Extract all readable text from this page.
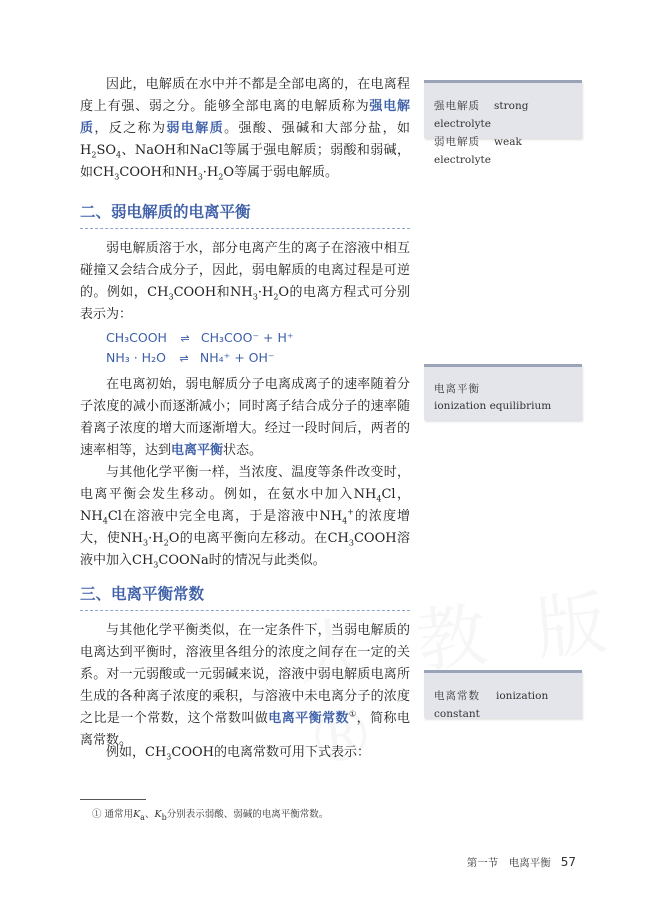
因此，电解质在水中并不都是全部电离的，在电离程度上有强、弱之分。能够全部电离的电解质称为强电解质，反之称为弱电解质。强酸、强碱和大部分盐，如$H_2SO_4$、NaOH和NaCl等属于强电解质；弱酸和弱碱，如$CH_3COOH$和$NH_3\cdot H_2O$等属于弱电解质。
强电解质 strong electrolyte
弱电解质 weak electrolyte
二、弱电解质的电离平衡
弱电解质溶于水，部分电离产生的离子在溶液中相互碰撞又会结合成分子，因此，弱电解质的电离过程是可逆的。例如，$CH_3COOH$和$NH_3\cdot H_2O$的电离方程式可分别表示为：
CH₃COOH ⇌ CH₃COO⁻ + H⁺
NH₃ · H₂O ⇌ NH₄⁺ + OH⁻
在电离初始，弱电解质分子电离成离子的速率随着分子浓度的减小而逐渐减小；同时离子结合成分子的速率随着离子浓度的增大而逐渐增大。经过一段时间后，两者的速率相等，达到电离平衡状态。
电离平衡
ionization equilibrium
与其他化学平衡一样，当浓度、温度等条件改变时，电离平衡会发生移动。例如，在氨水中加入$NH_4Cl$，$NH_4Cl$在溶液中完全电离，于是溶液中$NH_4^+$的浓度增大，使$NH_3\cdot H_2O$的电离平衡向左移动。在$CH_3COOH$溶液中加入$CH_3COONa$时的情况与此类似。
三、电离平衡常数
与其他化学平衡类似，在一定条件下，当弱电解质的电离达到平衡时，溶液里各组分的浓度之间存在一定的关系。对一元弱酸或一元弱碱来说，溶液中弱电解质电离所生成的各种离子浓度的乘积，与溶液中未电离分子的浓度之比是一个常数，这个常数叫做电离平衡常数①，简称电离常数。
电离常数 ionization constant
例如，$CH_3COOH$的电离常数可用下式表示：
① 通常用$K_a$、$K_b$分别表示弱酸、弱碱的电离平衡常数。
第一节　电离平衡 57
